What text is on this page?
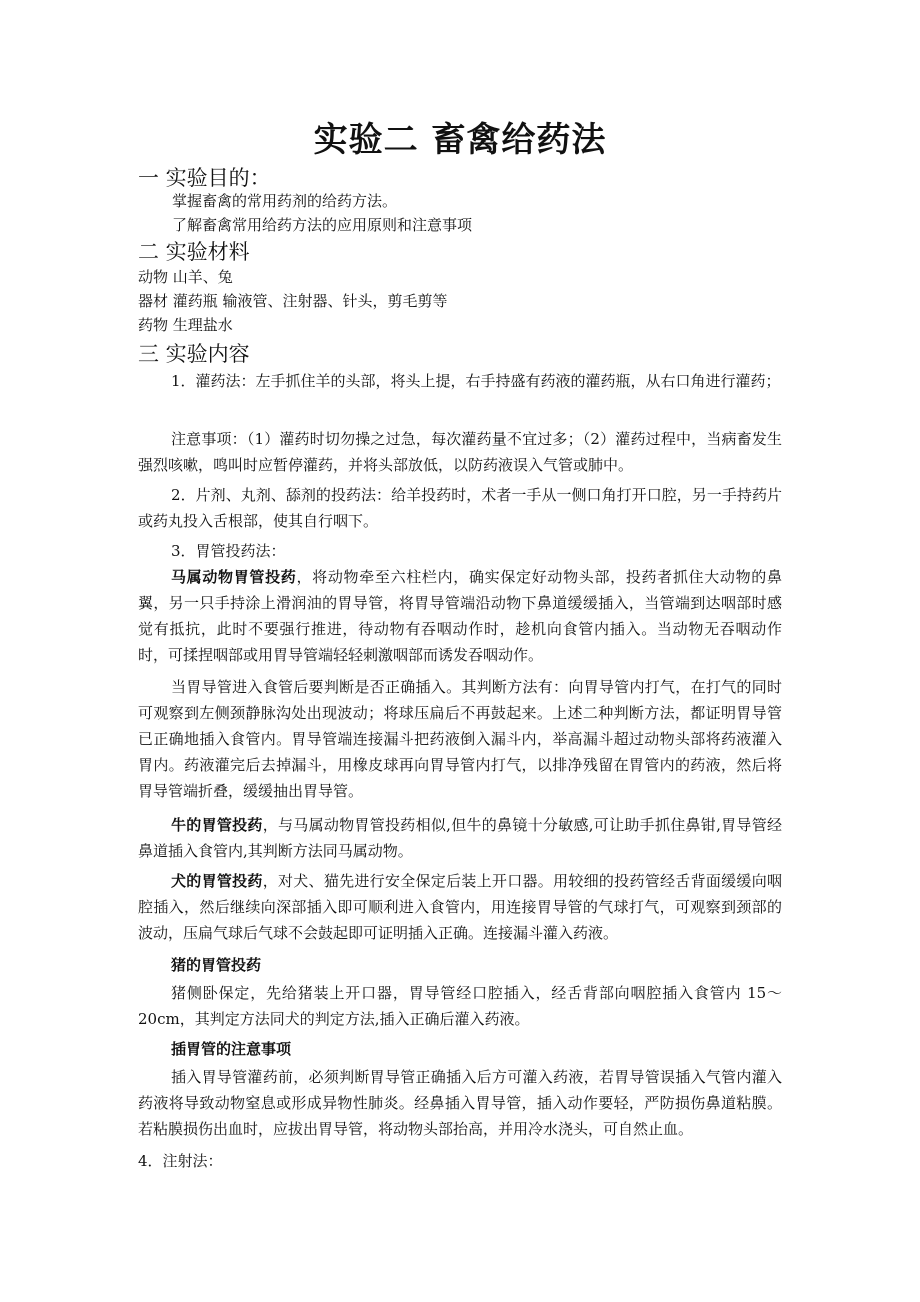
实验二 畜禽给药法
一 实验目的：
掌握畜禽的常用药剂的给药方法。
了解畜禽常用给药方法的应用原则和注意事项
二 实验材料
动物 山羊、兔
器材 灌药瓶 输液管、注射器、针头，剪毛剪等
药物 生理盐水
三 实验内容
1．灌药法：左手抓住羊的头部，将头上提，右手持盛有药液的灌药瓶，从右口角进行灌药；
注意事项：（1）灌药时切勿操之过急，每次灌药量不宜过多；（2）灌药过程中，当病畜发生强烈咳嗽，鸣叫时应暂停灌药，并将头部放低，以防药液误入气管或肺中。
2．片剂、丸剂、舔剂的投药法：给羊投药时，术者一手从一侧口角打开口腔，另一手持药片或药丸投入舌根部，使其自行咽下。
3．胃管投药法：
马属动物胃管投药，将动物牵至六柱栏内，确实保定好动物头部，投药者抓住大动物的鼻翼，另一只手持涂上滑润油的胃导管，将胃导管端沿动物下鼻道缓缓插入，当管端到达咽部时感觉有抵抗，此时不要强行推进，待动物有吞咽动作时，趁机向食管内插入。当动物无吞咽动作时，可揉捏咽部或用胃导管端轻轻刺激咽部而诱发吞咽动作。
当胃导管进入食管后要判断是否正确插入。其判断方法有：向胃导管内打气，在打气的同时可观察到左侧颈静脉沟处出现波动；将球压扁后不再鼓起来。上述二种判断方法，都证明胃导管已正确地插入食管内。胃导管端连接漏斗把药液倒入漏斗内，举高漏斗超过动物头部将药液灌入胃内。药液灌完后去掉漏斗，用橡皮球再向胃导管内打气，以排净残留在胃管内的药液，然后将胃导管端折叠，缓缓抽出胃导管。
牛的胃管投药，与马属动物胃管投药相似,但牛的鼻镜十分敏感,可让助手抓住鼻钳,胃导管经鼻道插入食管内,其判断方法同马属动物。
犬的胃管投药，对犬、猫先进行安全保定后装上开口器。用较细的投药管经舌背面缓缓向咽腔插入，然后继续向深部插入即可顺利进入食管内，用连接胃导管的气球打气，可观察到颈部的波动，压扁气球后气球不会鼓起即可证明插入正确。连接漏斗灌入药液。
猪的胃管投药
猪侧卧保定，先给猪装上开口器，胃导管经口腔插入，经舌背部向咽腔插入食管内 15～20cm，其判定方法同犬的判定方法,插入正确后灌入药液。
插胃管的注意事项
插入胃导管灌药前，必须判断胃导管正确插入后方可灌入药液，若胃导管误插入气管内灌入药液将导致动物窒息或形成异物性肺炎。经鼻插入胃导管，插入动作要轻，严防损伤鼻道粘膜。若粘膜损伤出血时，应拔出胃导管，将动物头部抬高，并用冷水浇头，可自然止血。
4．注射法：
